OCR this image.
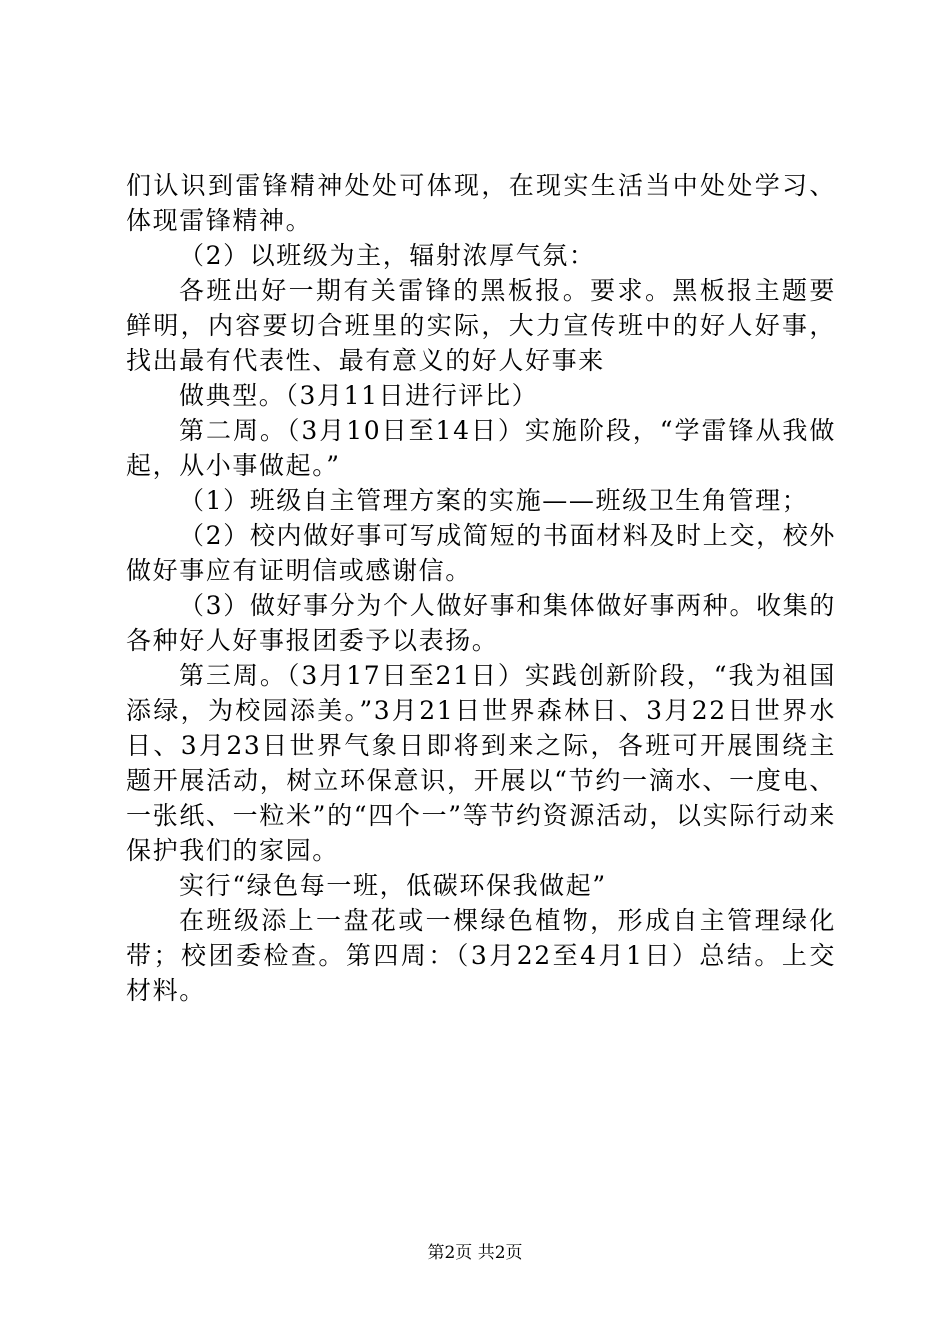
们认识到雷锋精神处处可体现，在现实生活当中处处学习、体现雷锋精神。

（2）以班级为主，辐射浓厚气氛：

各班出好一期有关雷锋的黑板报。要求。黑板报主题要鲜明，内容要切合班里的实际，大力宣传班中的好人好事，找出最有代表性、最有意义的好人好事来

做典型。（3月11日进行评比）

第二周。（3月10日至14日）实施阶段，“学雷锋从我做起，从小事做起。”

（1）班级自主管理方案的实施——班级卫生角管理；

（2）校内做好事可写成简短的书面材料及时上交，校外做好事应有证明信或感谢信。

（3）做好事分为个人做好事和集体做好事两种。收集的各种好人好事报团委予以表扬。

第三周。（3月17日至21日）实践创新阶段，“我为祖国添绿，为校园添美。”3月21日世界森林日、3月22日世界水日、3月23日世界气象日即将到来之际，各班可开展围绕主题开展活动，树立环保意识，开展以“节约一滴水、一度电、一张纸、一粒米”的“四个一”等节约资源活动，以实际行动来保护我们的家园。

实行“绿色每一班，低碳环保我做起”

在班级添上一盘花或一棵绿色植物，形成自主管理绿化带；校团委检查。第四周：（3月22至4月1日）总结。上交材料。

第2页 共2页
